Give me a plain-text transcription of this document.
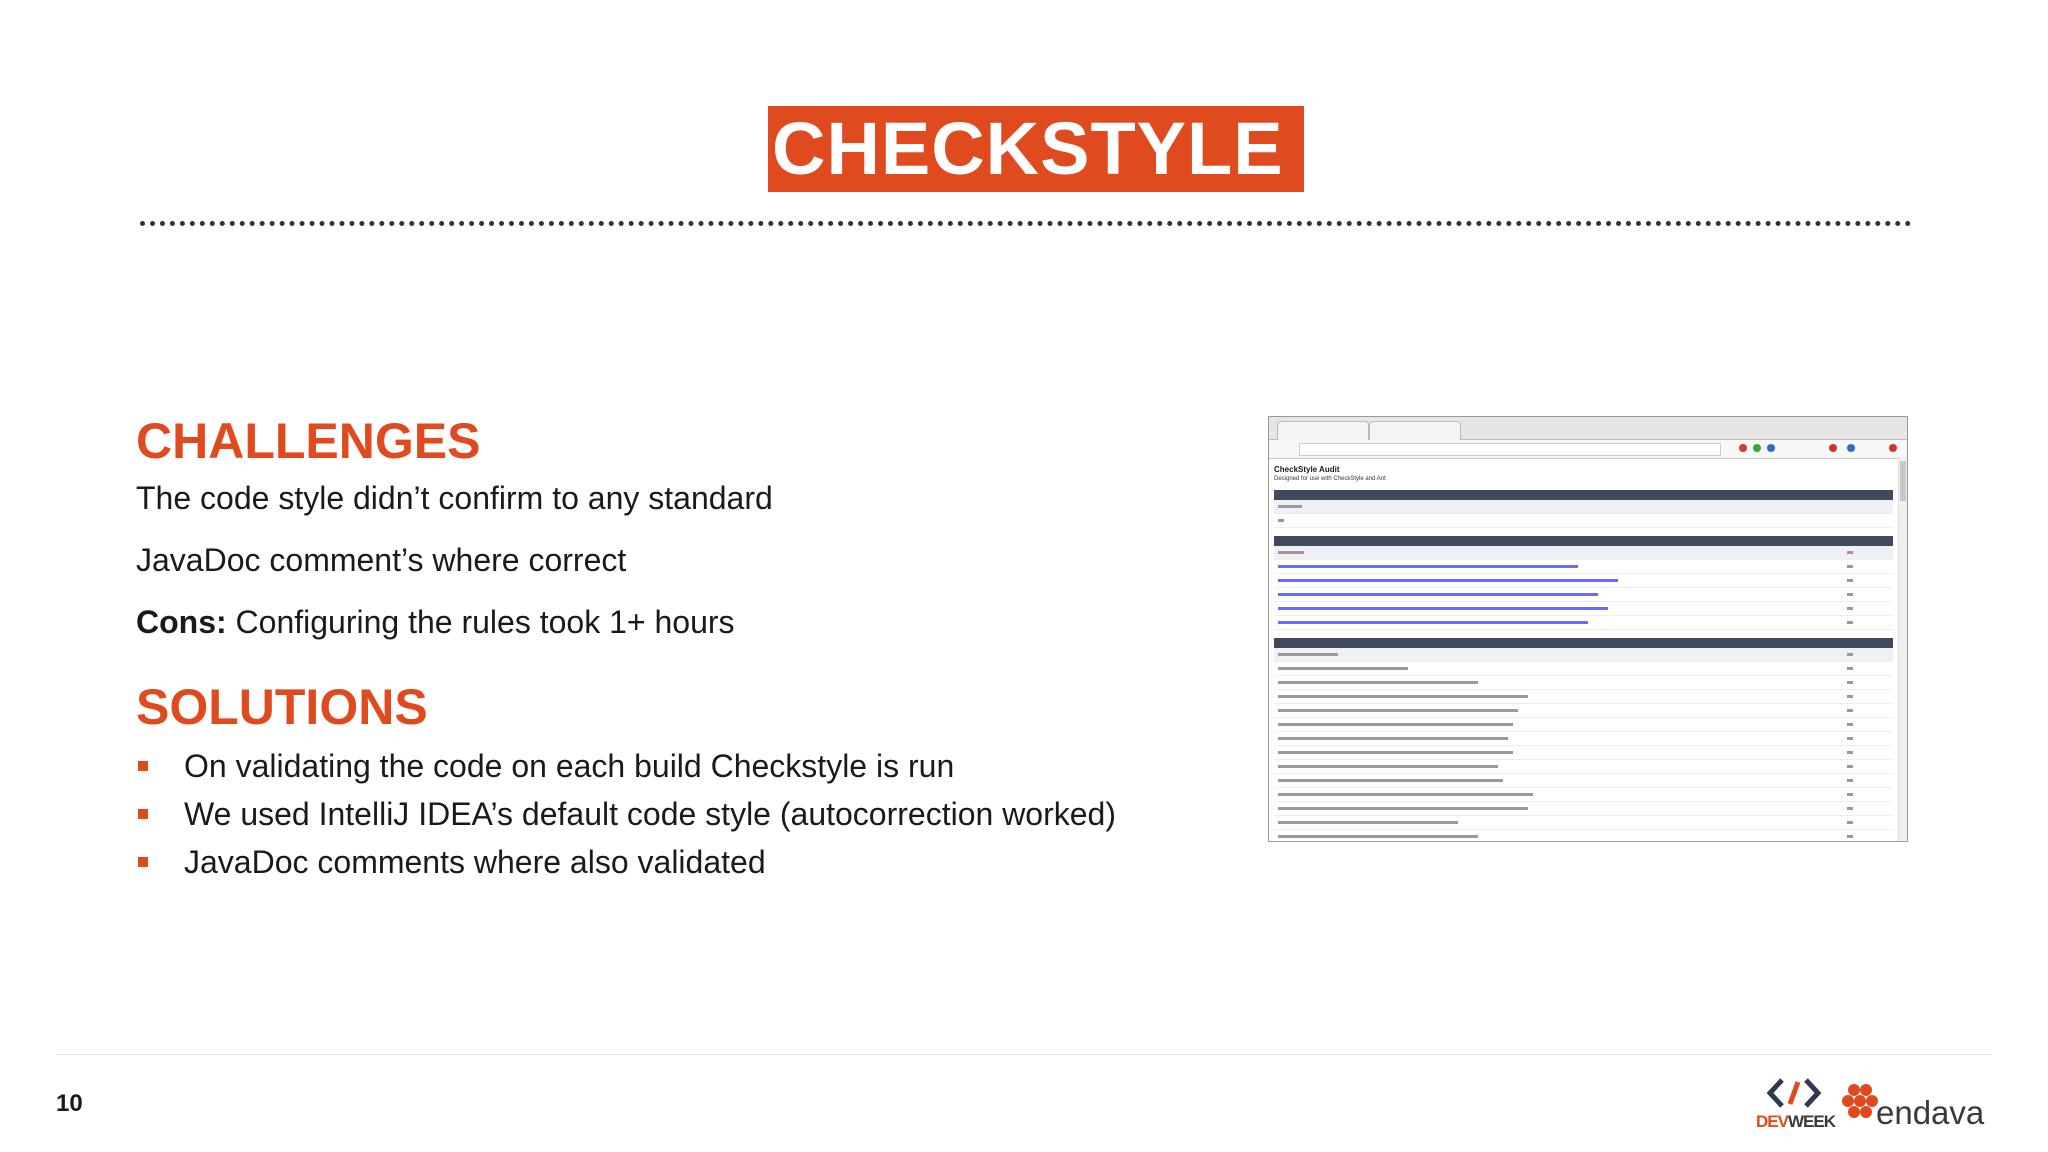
CHECKSTYLE
CHALLENGES
The code style didn’t confirm to any standard
JavaDoc comment’s where correct
Cons: Configuring the rules took 1+ hours
SOLUTIONS
On validating the code on each build Checkstyle is run
We used IntelliJ IDEA’s default code style (autocorrection worked)
JavaDoc comments where also validated
CheckStyle Audit
Designed for use with CheckStyle and Ant
10
DEVWEEK endava
